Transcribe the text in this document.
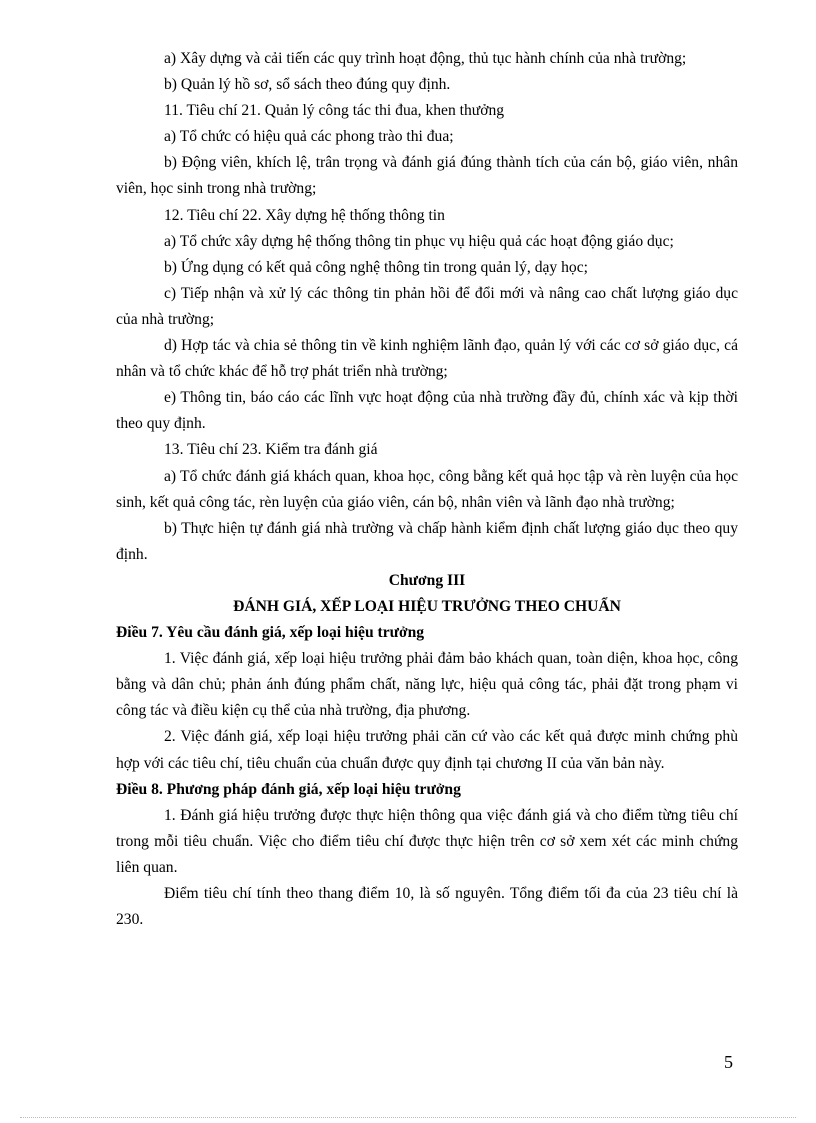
a) Xây dựng và cải tiến các quy trình hoạt động, thủ tục hành chính của nhà trường;

b) Quản lý hồ sơ, sổ sách theo đúng quy định.

11. Tiêu chí 21. Quản lý công tác thi đua, khen thưởng

a) Tổ chức có hiệu quả các phong trào thi đua;

b) Động viên, khích lệ, trân trọng và đánh giá đúng thành tích của cán bộ, giáo viên, nhân viên, học sinh trong nhà trường;

12. Tiêu chí 22. Xây dựng hệ thống thông tin

a) Tổ chức xây dựng hệ thống thông tin phục vụ hiệu quả các hoạt động giáo dục;

b) Ứng dụng có kết quả công nghệ thông tin trong quản lý, dạy học;

c) Tiếp nhận và xử lý các thông tin phản hồi để đổi mới và nâng cao chất lượng giáo dục của nhà trường;

d) Hợp tác và chia sẻ thông tin về kinh nghiệm lãnh đạo, quản lý với các cơ sở giáo dục, cá nhân và tổ chức khác để hỗ trợ phát triển nhà trường;

e) Thông tin, báo cáo các lĩnh vực hoạt động của nhà trường đầy đủ, chính xác và kịp thời theo quy định.

13. Tiêu chí 23. Kiểm tra đánh giá

a) Tổ chức đánh giá khách quan, khoa học, công bằng kết quả học tập và rèn luyện của học sinh, kết quả công tác, rèn luyện của giáo viên, cán bộ, nhân viên và lãnh đạo nhà trường;

b) Thực hiện tự đánh giá nhà trường và chấp hành kiểm định chất lượng giáo dục theo quy định.

Chương III

ĐÁNH GIÁ, XẾP LOẠI HIỆU TRƯỞNG THEO CHUẨN

Điều 7. Yêu cầu đánh giá, xếp loại hiệu trưởng

1. Việc đánh giá, xếp loại hiệu trưởng phải đảm bảo khách quan, toàn diện, khoa học, công bằng và dân chủ; phản ánh đúng phẩm chất, năng lực, hiệu quả công tác, phải đặt trong phạm vi công tác và điều kiện cụ thể của nhà trường, địa phương.

2. Việc đánh giá, xếp loại hiệu trưởng phải căn cứ vào các kết quả được minh chứng phù hợp với các tiêu chí, tiêu chuẩn của chuẩn được quy định tại chương II của văn bản này.

Điều 8. Phương pháp đánh giá, xếp loại hiệu trưởng

1. Đánh giá hiệu trưởng được thực hiện thông qua việc đánh giá và cho điểm từng tiêu chí trong mỗi tiêu chuẩn. Việc cho điểm tiêu chí được thực hiện trên cơ sở xem xét các minh chứng liên quan.

Điểm tiêu chí tính theo thang điểm 10, là số nguyên. Tổng điểm tối đa của 23 tiêu chí là 230.

5
